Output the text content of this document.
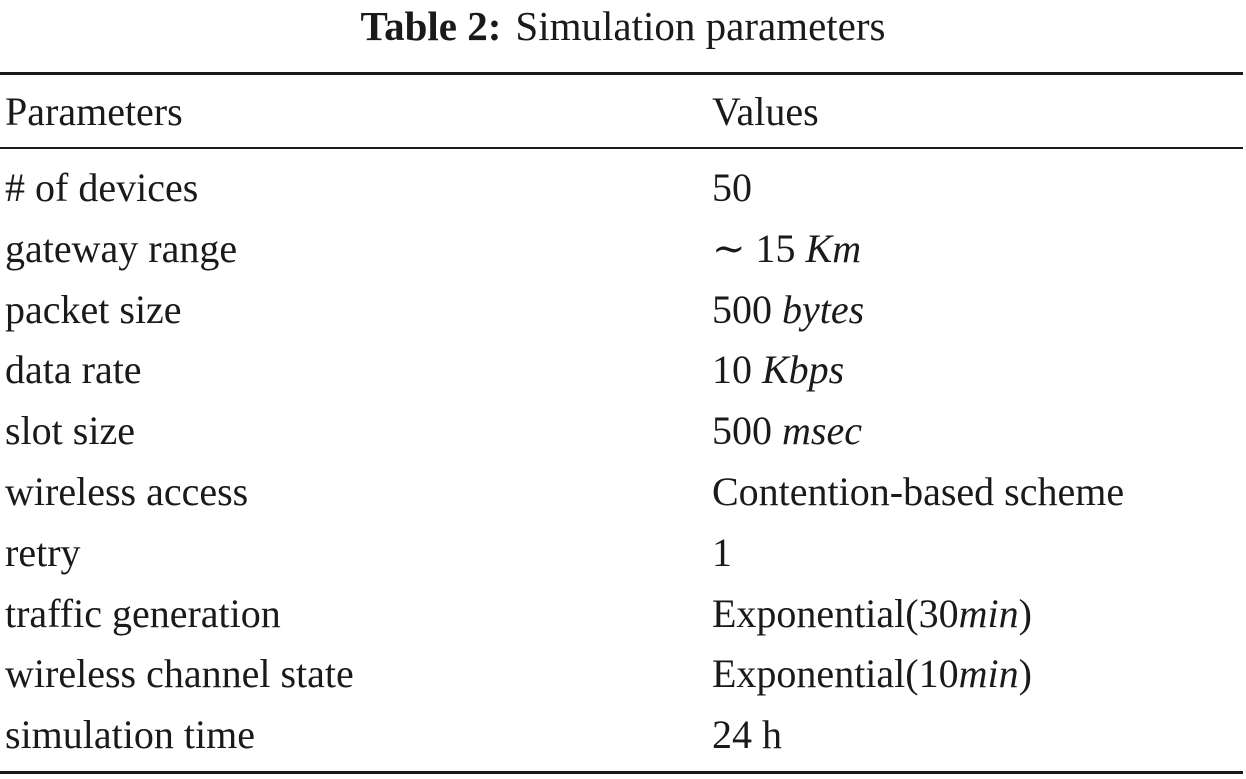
Table 2: Simulation parameters
Parameters	Values
# of devices	50
gateway range	∼ 15 Km
packet size	500 bytes
data rate	10 Kbps
slot size	500 msec
wireless access	Contention-based scheme
retry	1
traffic generation	Exponential(30min)
wireless channel state	Exponential(10min)
simulation time	24 h
